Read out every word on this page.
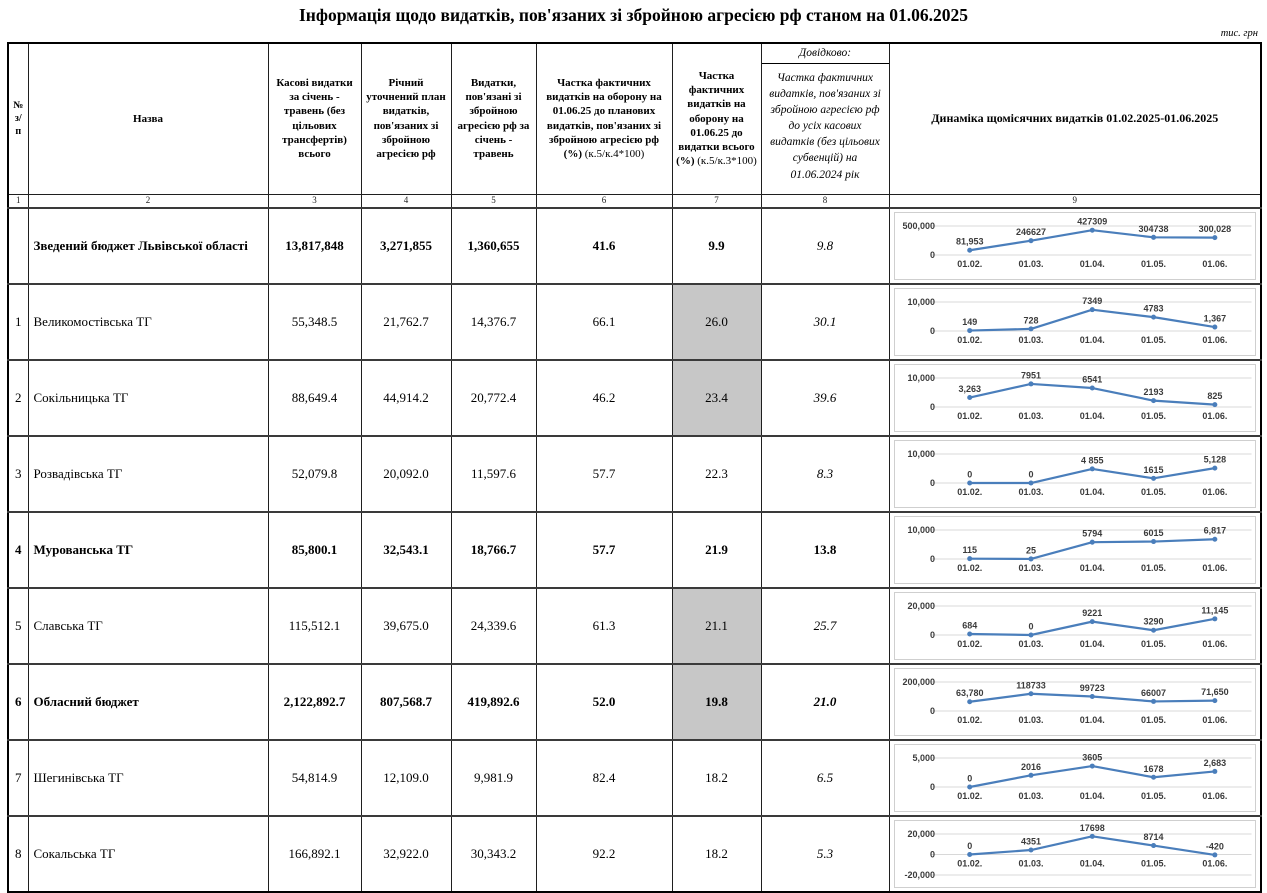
Інформація щодо видатків, пов'язаних зі збройною агресією рф станом на 01.06.2025
тис. грн
№ з/п	Назва	Касові видатки за січень - травень (без цільових трансфертів) всього	Річний уточнений план видатків, пов'язаних зі збройною агресією рф	Видатки, пов'язані зі збройною агресією рф за січень - травень	Частка фактичних видатків на оборону на 01.06.25 до планових видатків, пов'язаних зі збройною агресією рф (%) (к.5/к.4*100)	Частка фактичних видатків на оборону на 01.06.25 до видатки всього (%) (к.5/к.3*100)	Довідково:
Частка фактичних видатків, пов'язаних зі збройною агресією рф до усіх касових видатків (без цільових субвенцій) на 01.06.2024 рік	Динаміка щомісячних видатків 01.02.2025-01.06.2025
1	2	3	4	5	6	7	8	9
	Зведений бюджет Львівської області	13,817,848	3,271,855	1,360,655	41.6	9.9	9.8	81,953
01.02.
246627
01.03.
427309
01.04.
304738
01.05.
300,028
01.06.
500,000
0

1	Великомостівська ТГ	55,348.5	21,762.7	14,376.7	66.1	26.0	30.1	149
01.02.
728
01.03.
7349
01.04.
4783
01.05.
1,367
01.06.
10,000
0

2	Сокільницька ТГ	88,649.4	44,914.2	20,772.4	46.2	23.4	39.6	
3,263
01.02.
7951
01.03.
6541
01.04.
2193
01.05.
825
01.06.
10,000
0

3	Розвадівська ТГ	52,079.8	20,092.0	11,597.6	57.7	22.3	8.3	0
01.02.
0
01.03.
4 855
01.04.
1615
01.05.
5,128
01.06.
10,000
0

4	Мурованська ТГ	85,800.1	32,543.1	18,766.7	57.7	21.9	13.8	115
01.02.
25
01.03.
5794
01.04.
6015
01.05.
6,817
01.06.
10,000
0

5	Славська ТГ	115,512.1	39,675.0	24,339.6	61.3	21.1	25.7	684
01.02.
0
01.03.
9221
01.04.
3290
01.05.
11,145
01.06.
20,000
0

6	Обласний бюджет	2,122,892.7	807,568.7	419,892.6	52.0	19.8	21.0	
63,780
01.02.
118733
01.03.
99723
01.04.
66007
01.05.
71,650
01.06.
200,000
0

7	Шегинівська ТГ	54,814.9	12,109.0	9,981.9	82.4	18.2	6.5	0
01.02.
2016
01.03.
3605
01.04.
1678
01.05.
2,683
01.06.
5,000
0

8	Сокальська ТГ	166,892.1	32,922.0	30,343.2	92.2	18.2	5.3	
0
01.02.
4351
01.03.
17698
01.04.
8714
01.05.
-420
01.06.
20,000
0
-20,000
